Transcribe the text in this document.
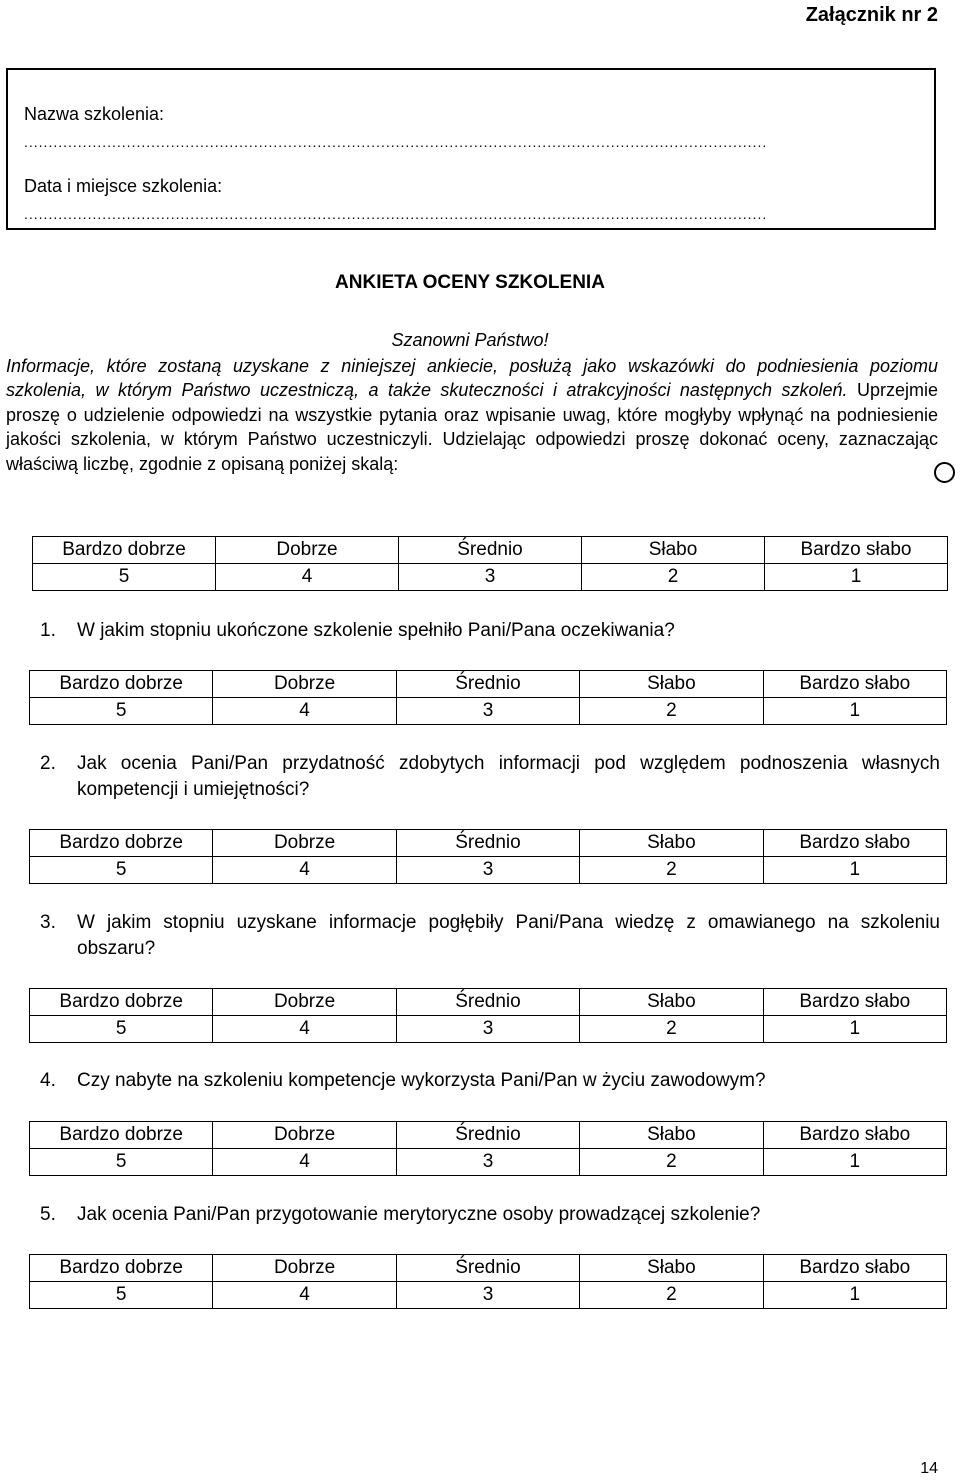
Załącznik nr 2
Nazwa szkolenia:
........................................................................................................................................................
Data i miejsce szkolenia:
........................................................................................................................................................
ANKIETA OCENY SZKOLENIA
Szanowni Państwo!
Informacje, które zostaną uzyskane z niniejszej ankiecie, posłużą jako wskazówki do podniesienia poziomu szkolenia, w którym Państwo uczestniczą, a także skuteczności i atrakcyjności następnych szkoleń. Uprzejmie proszę o udzielenie odpowiedzi na wszystkie pytania oraz wpisanie uwag, które mogłyby wpłynąć na podniesienie jakości szkolenia, w którym Państwo uczestniczyli. Udzielając odpowiedzi proszę dokonać oceny, zaznaczając właściwą liczbę, zgodnie z opisaną poniżej skalą:
Bardzo dobrze	Dobrze	Średnio	Słabo	Bardzo słabo
5	4	3	2	1
1. W jakim stopniu ukończone szkolenie spełniło Pani/Pana oczekiwania?
Bardzo dobrze	Dobrze	Średnio	Słabo	Bardzo słabo
5	4	3	2	1
2. Jak ocenia Pani/Pan przydatność zdobytych informacji pod względem podnoszenia własnych kompetencji i umiejętności?
Bardzo dobrze	Dobrze	Średnio	Słabo	Bardzo słabo
5	4	3	2	1
3. W jakim stopniu uzyskane informacje pogłębiły Pani/Pana wiedzę z omawianego na szkoleniu obszaru?
Bardzo dobrze	Dobrze	Średnio	Słabo	Bardzo słabo
5	4	3	2	1
4. Czy nabyte na szkoleniu kompetencje wykorzysta Pani/Pan w życiu zawodowym?
Bardzo dobrze	Dobrze	Średnio	Słabo	Bardzo słabo
5	4	3	2	1
5. Jak ocenia Pani/Pan przygotowanie merytoryczne osoby prowadzącej szkolenie?
Bardzo dobrze	Dobrze	Średnio	Słabo	Bardzo słabo
5	4	3	2	1
14
